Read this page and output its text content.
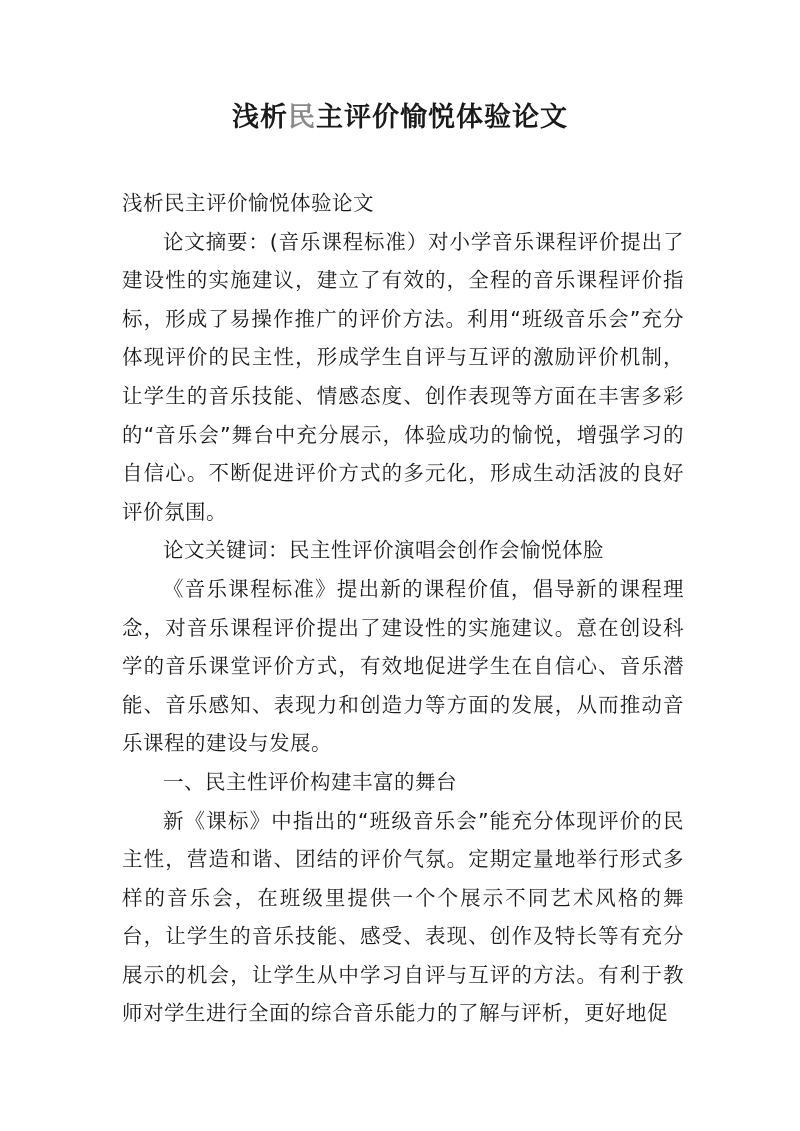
浅析民主评价愉悦体验论文

浅析民主评价愉悦体验论文

论文摘要：(音乐课程标准）对小学音乐课程评价提出了建设性的实施建议，建立了有效的，全程的音乐课程评价指标，形成了易操作推广的评价方法。利用“班级音乐会”充分体现评价的民主性，形成学生自评与互评的激励评价机制，让学生的音乐技能、情感态度、创作表现等方面在丰害多彩的“音乐会”舞台中充分展示，体验成功的愉悦，增强学习的自信心。不断促进评价方式的多元化，形成生动活波的良好评价氛围。

论文关键词：民主性评价演唱会创作会愉悦体脸

《音乐课程标准》提出新的课程价值，倡导新的课程理念，对音乐课程评价提出了建设性的实施建议。意在创设科学的音乐课堂评价方式，有效地促进学生在自信心、音乐潜能、音乐感知、表现力和创造力等方面的发展，从而推动音乐课程的建设与发展。

一、民主性评价构建丰富的舞台

新《课标》中指出的“班级音乐会”能充分体现评价的民主性，营造和谐、团结的评价气氛。定期定量地举行形式多样的音乐会，在班级里提供一个个展示不同艺术风格的舞台，让学生的音乐技能、感受、表现、创作及特长等有充分展示的机会，让学生从中学习自评与互评的方法。有利于教师对学生进行全面的综合音乐能力的了解与评析，更好地促
